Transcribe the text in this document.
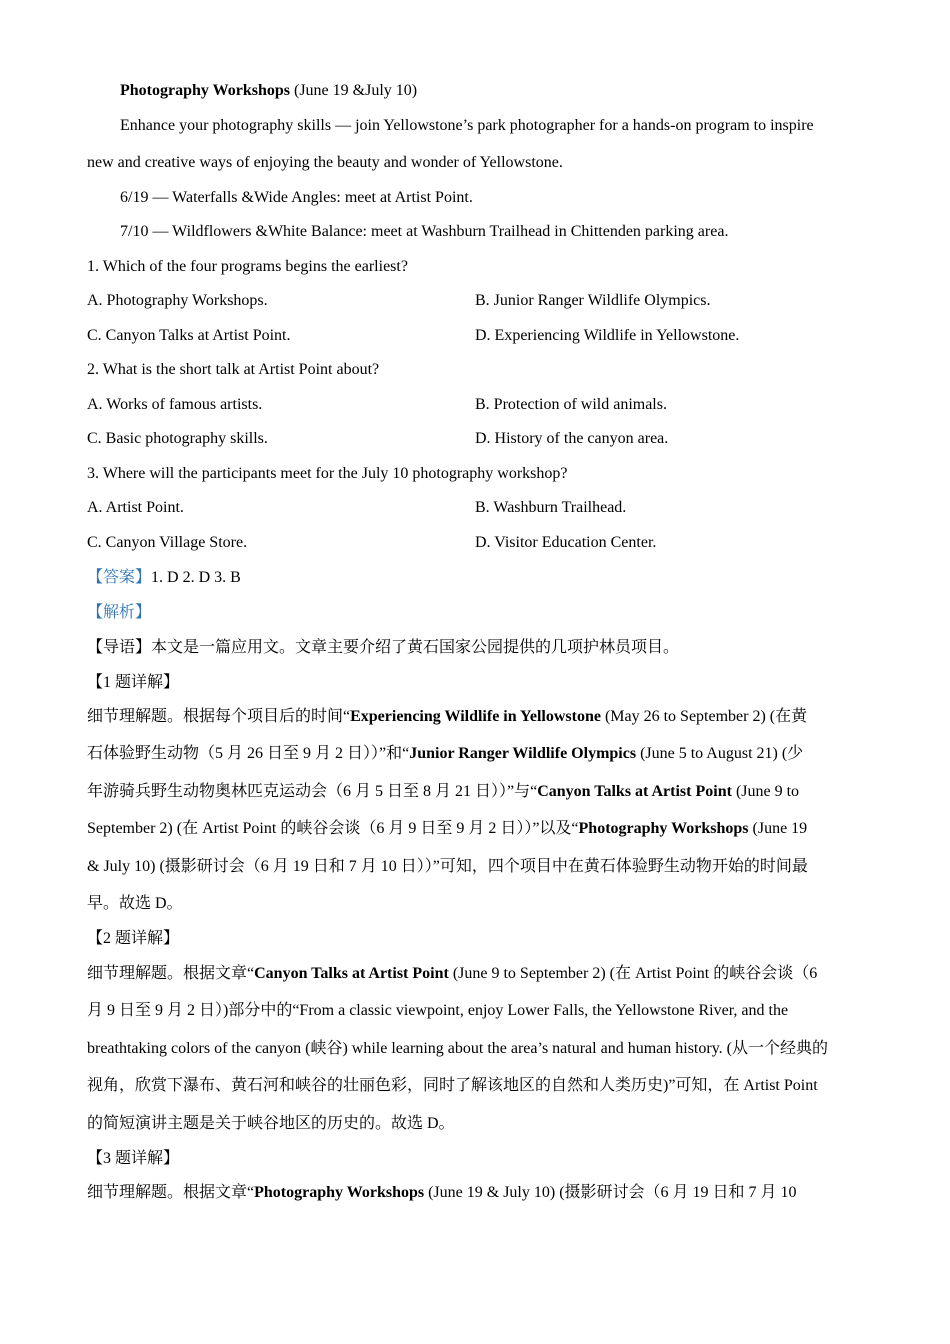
Photography Workshops (June 19 &July 10)
Enhance your photography skills — join Yellowstone’s park photographer for a hands-on program to inspire
new and creative ways of enjoying the beauty and wonder of Yellowstone.
6/19 — Waterfalls &Wide Angles: meet at Artist Point.
7/10 — Wildflowers &White Balance: meet at Washburn Trailhead in Chittenden parking area.
1. Which of the four programs begins the earliest?
A. Photography Workshops.	B. Junior Ranger Wildlife Olympics.
C. Canyon Talks at Artist Point.	D. Experiencing Wildlife in Yellowstone.
2. What is the short talk at Artist Point about?
A. Works of famous artists.	B. Protection of wild animals.
C. Basic photography skills.	D. History of the canyon area.
3. Where will the participants meet for the July 10 photography workshop?
A. Artist Point.	B. Washburn Trailhead.
C. Canyon Village Store.	D. Visitor Education Center.
【答案】1. D 2. D 3. B
【解析】
【导语】本文是一篇应用文。文章主要介绍了黄石国家公园提供的几项护林员项目。
【1 题详解】
细节理解题。根据每个项目后的时间“Experiencing Wildlife in Yellowstone (May 26 to September 2) (在黄
石体验野生动物（5 月 26 日至 9 月 2 日））”和“Junior Ranger Wildlife Olympics (June 5 to August 21) (少
年游骑兵野生动物奥林匹克运动会（6 月 5 日至 8 月 21 日））”与“Canyon Talks at Artist Point (June 9 to
September 2) (在 Artist Point 的峡谷会谈（6 月 9 日至 9 月 2 日））”以及“Photography Workshops (June 19
& July 10) (摄影研讨会（6 月 19 日和 7 月 10 日））”可知，四个项目中在黄石体验野生动物开始的时间最
早。故选 D。
【2 题详解】
细节理解题。根据文章“Canyon Talks at Artist Point (June 9 to September 2) (在 Artist Point 的峡谷会谈（6
月 9 日至 9 月 2 日）)部分中的“From a classic viewpoint, enjoy Lower Falls, the Yellowstone River, and the
breathtaking colors of the canyon (峡谷) while learning about the area’s natural and human history. (从一个经典的
视角，欣赏下瀑布、黄石河和峡谷的壮丽色彩，同时了解该地区的自然和人类历史)”可知，在 Artist Point
的简短演讲主题是关于峡谷地区的历史的。故选 D。
【3 题详解】
细节理解题。根据文章“Photography Workshops (June 19 & July 10) (摄影研讨会（6 月 19 日和 7 月 10
